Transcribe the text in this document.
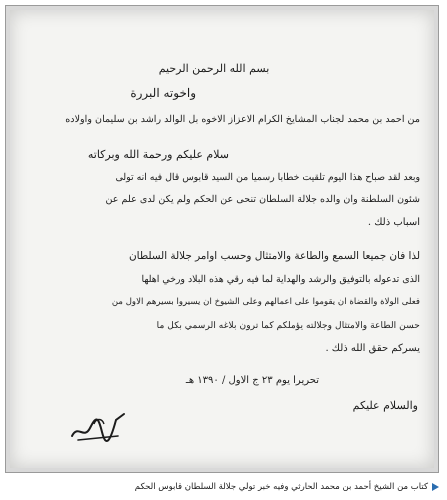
بسم الله الرحمن الرحيم
واخوته البررة
من احمد بن محمد لجناب المشايخ الكرام الاعزاز الاخوه بل الوالد راشد بن سليمان واولاده
سلام عليكم ورحمة الله وبركاته
وبعد لقد صباح هذا اليوم تلقيت خطابا رسميا من السيد قابوس قال فيه انه تولى
شئون السلطنة وان والده جلالة السلطان تنحى عن الحكم ولم يكن لدى علم عن
اسباب ذلك .
لذا فان جميعا السمع والطاعة والامتثال وحسب اوامر جلالة السلطان
الذى تدعوله بالتوفيق والرشد والهداية لما فيه رقي هذه البلاد ورخي اهلها
فعلى الولاة والقضاة ان يقوموا على اعمالهم وعلى الشيوخ ان يسيروا بسيرهم الاول من
حسن الطاعة والامتثال وجلالته يؤملكم كما ترون بلاغه الرسمي بكل ما
يسركم حقق الله ذلك .
تحريرا يوم ٢٣ ج الاول / ١٣٩٠ هـ
والسلام عليكم
كتاب من الشيخ أحمد بن محمد الحارثي وفيه خبر تولي جلالة السلطان قابوس الحكم
